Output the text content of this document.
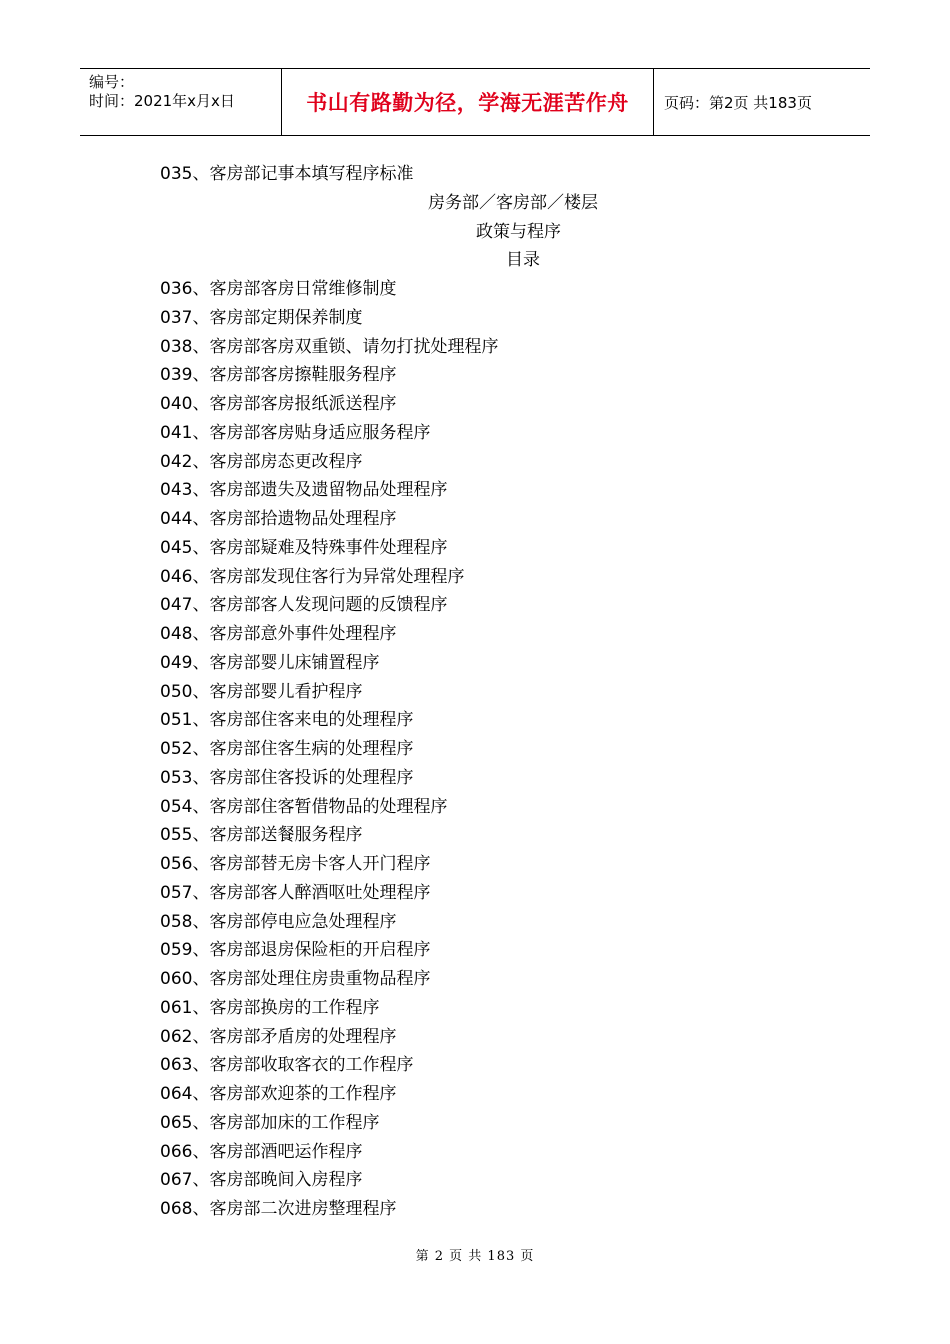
编号：
时间：2021年x月x日	书山有路勤为径，学海无涯苦作舟	页码：第2页 共183页
035、客房部记事本填写程序标准
房务部／客房部／楼层
政策与程序
目录
036、客房部客房日常维修制度
037、客房部定期保养制度
038、客房部客房双重锁、请勿打扰处理程序
039、客房部客房擦鞋服务程序
040、客房部客房报纸派送程序
041、客房部客房贴身适应服务程序
042、客房部房态更改程序
043、客房部遗失及遗留物品处理程序
044、客房部拾遗物品处理程序
045、客房部疑难及特殊事件处理程序
046、客房部发现住客行为异常处理程序
047、客房部客人发现问题的反馈程序
048、客房部意外事件处理程序
049、客房部婴儿床铺置程序
050、客房部婴儿看护程序
051、客房部住客来电的处理程序
052、客房部住客生病的处理程序
053、客房部住客投诉的处理程序
054、客房部住客暂借物品的处理程序
055、客房部送餐服务程序
056、客房部替无房卡客人开门程序
057、客房部客人醉酒呕吐处理程序
058、客房部停电应急处理程序
059、客房部退房保险柜的开启程序
060、客房部处理住房贵重物品程序
061、客房部换房的工作程序
062、客房部矛盾房的处理程序
063、客房部收取客衣的工作程序
064、客房部欢迎茶的工作程序
065、客房部加床的工作程序
066、客房部酒吧运作程序
067、客房部晚间入房程序
068、客房部二次进房整理程序
第 2 页 共 183 页
